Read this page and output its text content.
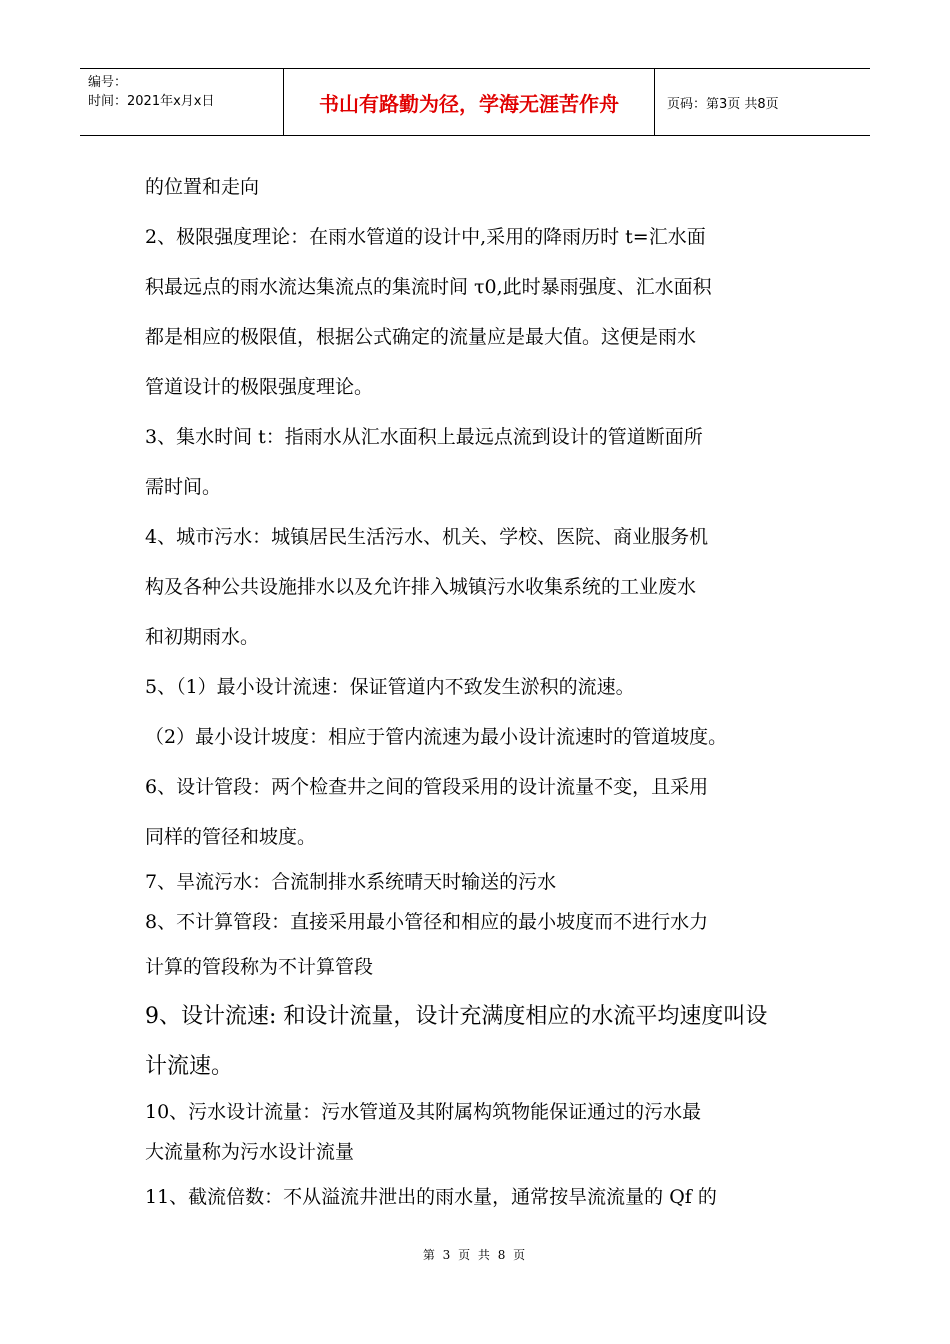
编号：
时间：2021年x月x日	书山有路勤为径，学海无涯苦作舟	页码：第3页 共8页

的位置和走向

2、极限强度理论：在雨水管道的设计中,采用的降雨历时 t=汇水面

积最远点的雨水流达集流点的集流时间 τ0,此时暴雨强度、汇水面积

都是相应的极限值，根据公式确定的流量应是最大值。这便是雨水

管道设计的极限强度理论。

3、集水时间 t：指雨水从汇水面积上最远点流到设计的管道断面所

需时间。

4、城市污水：城镇居民生活污水、机关、学校、医院、商业服务机

构及各种公共设施排水以及允许排入城镇污水收集系统的工业废水

和初期雨水。

5、（1）最小设计流速：保证管道内不致发生淤积的流速。

（2）最小设计坡度：相应于管内流速为最小设计流速时的管道坡度。

6、设计管段：两个检查井之间的管段采用的设计流量不变，且采用

同样的管径和坡度。

7、旱流污水：合流制排水系统晴天时输送的污水

8、不计算管段：直接采用最小管径和相应的最小坡度而不进行水力

计算的管段称为不计算管段

9、设计流速: 和设计流量，设计充满度相应的水流平均速度叫设

计流速。

10、污水设计流量：污水管道及其附属构筑物能保证通过的污水最

大流量称为污水设计流量

11、截流倍数：不从溢流井泄出的雨水量，通常按旱流流量的 Qf 的

第 3 页 共 8 页
